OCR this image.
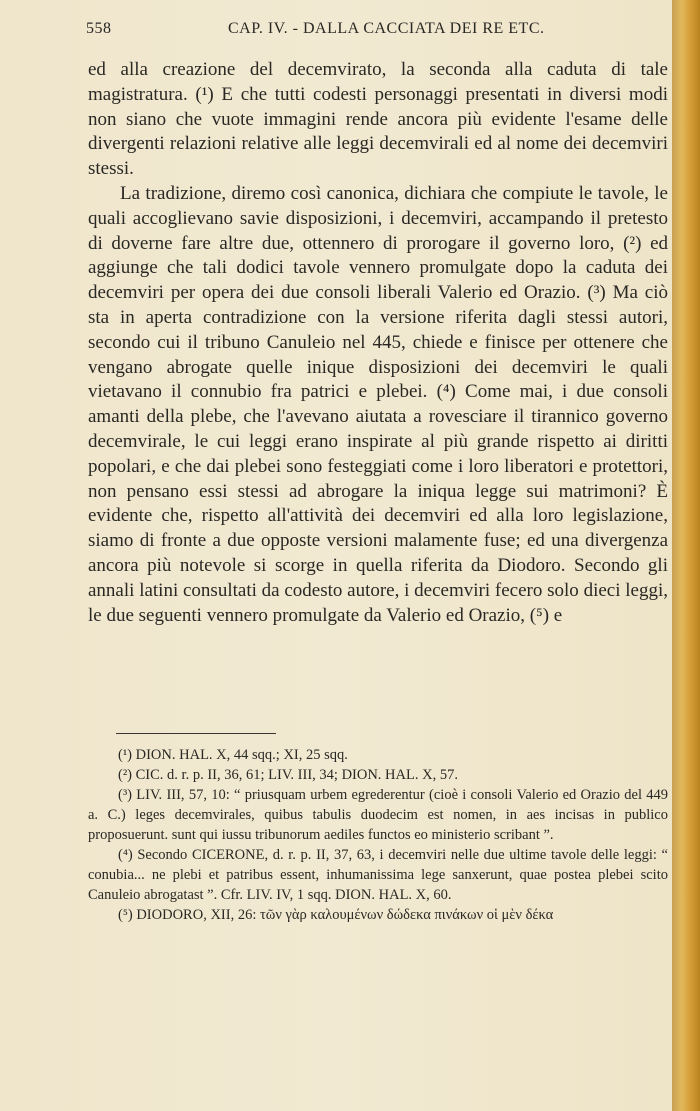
558	CAP. IV. - DALLA CACCIATA DEI RE ETC.

ed alla creazione del decemvirato, la seconda alla caduta di tale magistratura. (¹) E che tutti codesti personaggi presentati in diversi modi non siano che vuote immagini rende ancora più evidente l'esame delle divergenti relazioni relative alle leggi decemvirali ed al nome dei decemviri stessi.

La tradizione, diremo così canonica, dichiara che compiute le tavole, le quali accoglievano savie disposizioni, i decemviri, accampando il pretesto di doverne fare altre due, ottennero di prorogare il governo loro, (²) ed aggiunge che tali dodici tavole vennero promulgate dopo la caduta dei decemviri per opera dei due consoli liberali Valerio ed Orazio. (³) Ma ciò sta in aperta contradizione con la versione riferita dagli stessi autori, secondo cui il tribuno Canuleio nel 445, chiede e finisce per ottenere che vengano abrogate quelle inique disposizioni dei decemviri le quali vietavano il connubio fra patrici e plebei. (⁴) Come mai, i due consoli amanti della plebe, che l'avevano aiutata a rovesciare il tirannico governo decemvirale, le cui leggi erano inspirate al più grande rispetto ai diritti popolari, e che dai plebei sono festeggiati come i loro liberatori e protettori, non pensano essi stessi ad abrogare la iniqua legge sui matrimoni? È evidente che, rispetto all'attività dei decemviri ed alla loro legislazione, siamo di fronte a due opposte versioni malamente fuse; ed una divergenza ancora più notevole si scorge in quella riferita da Diodoro. Secondo gli annali latini consultati da codesto autore, i decemviri fecero solo dieci leggi, le due seguenti vennero promulgate da Valerio ed Orazio, (⁵) e

(¹) DION. HAL. X, 44 sqq.; XI, 25 sqq.

(²) CIC. d. r. p. II, 36, 61; LIV. III, 34; DION. HAL. X, 57.

(³) LIV. III, 57, 10: “ priusquam urbem egrederentur (cioè i consoli Valerio ed Orazio del 449 a. C.) leges decemvirales, quibus tabulis duodecim est nomen, in aes incisas in publico proposuerunt. sunt qui iussu tribunorum aediles functos eo ministerio scribant ”.

(⁴) Secondo CICERONE, d. r. p. II, 37, 63, i decemviri nelle due ultime tavole delle leggi: “ conubia... ne plebi et patribus essent, inhumanissima lege sanxerunt, quae postea plebei scito Canuleio abrogatast ”. Cfr. LIV. IV, 1 sqq. DION. HAL. X, 60.

(⁵) DIODORO, XII, 26: τῶν γὰρ καλουμένων δώδεκα πινάκων οἱ μὲν δέκα
